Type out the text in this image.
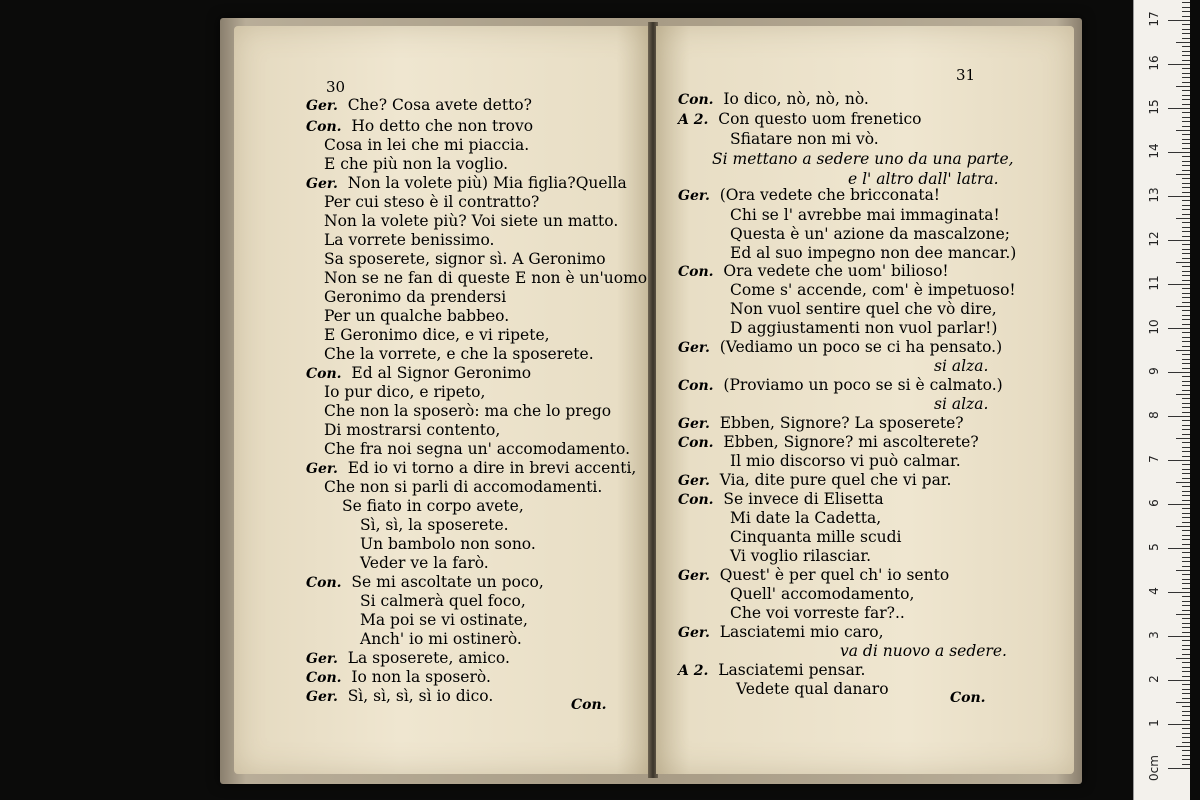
30
31
Ger. Che? Cosa avete detto?
Con. Ho detto che non trovo
Cosa in lei che mi piaccia.
E che più non la voglio.
Ger. Non la volete più) Mia figlia?Quella
Per cui steso è il contratto?
Non la volete più? Voi siete un matto.
La vorrete benissimo.
Sa sposerete, signor sì. A Geronimo
Non se ne fan di queste E non è un'uomo
Geronimo da prendersi
Per un qualche babbeo.
E Geronimo dice, e vi ripete,
Che la vorrete, e che la sposerete.
Con. Ed al Signor Geronimo
Io pur dico, e ripeto,
Che non la sposerò: ma che lo prego
Di mostrarsi contento,
Che fra noi segna un' accomodamento.
Ger. Ed io vi torno a dire in brevi accenti,
Che non si parli di accomodamenti.
Se fiato in corpo avete,
Sì, sì, la sposerete.
Un bambolo non sono.
Veder ve la farò.
Con. Se mi ascoltate un poco,
Si calmerà quel foco,
Ma poi se vi ostinate,
Anch' io mi ostinerò.
Ger. La sposerete, amico.
Con. Io non la sposerò.
Ger. Sì, sì, sì, sì io dico.
Con. Io dico, nò, nò, nò.
A 2. Con questo uom frenetico
Sfiatare non mi vò.
Si mettano a sedere uno da una parte,
e l' altro dall' latra.
Ger. (Ora vedete che bricconata!
Chi se l' avrebbe mai immaginata!
Questa è un' azione da mascalzone;
Ed al suo impegno non dee mancar.)
Con. Ora vedete che uom' bilioso!
Come s' accende, com' è impetuoso!
Non vuol sentire quel che vò dire,
D aggiustamenti non vuol parlar!)
Ger. (Vediamo un poco se ci ha pensato.)
si alza.
Con. (Proviamo un poco se si è calmato.)
si alza.
Ger. Ebben, Signore? La sposerete?
Con. Ebben, Signore? mi ascolterete?
Il mio discorso vi può calmar.
Ger. Via, dite pure quel che vi par.
Con. Se invece di Elisetta
Mi date la Cadetta,
Cinquanta mille scudi
Vi voglio rilasciar.
Ger. Quest' è per quel ch' io sento
Quell' accomodamento,
Che voi vorreste far?..
Ger. Lasciatemi mio caro,
va di nuovo a sedere.
A 2. Lasciatemi pensar.
Vedete qual danaro
Con.	Con.
0cm
1
2
3
4
5
6
7
8
9
10
11
12
13
14
15
16
17
